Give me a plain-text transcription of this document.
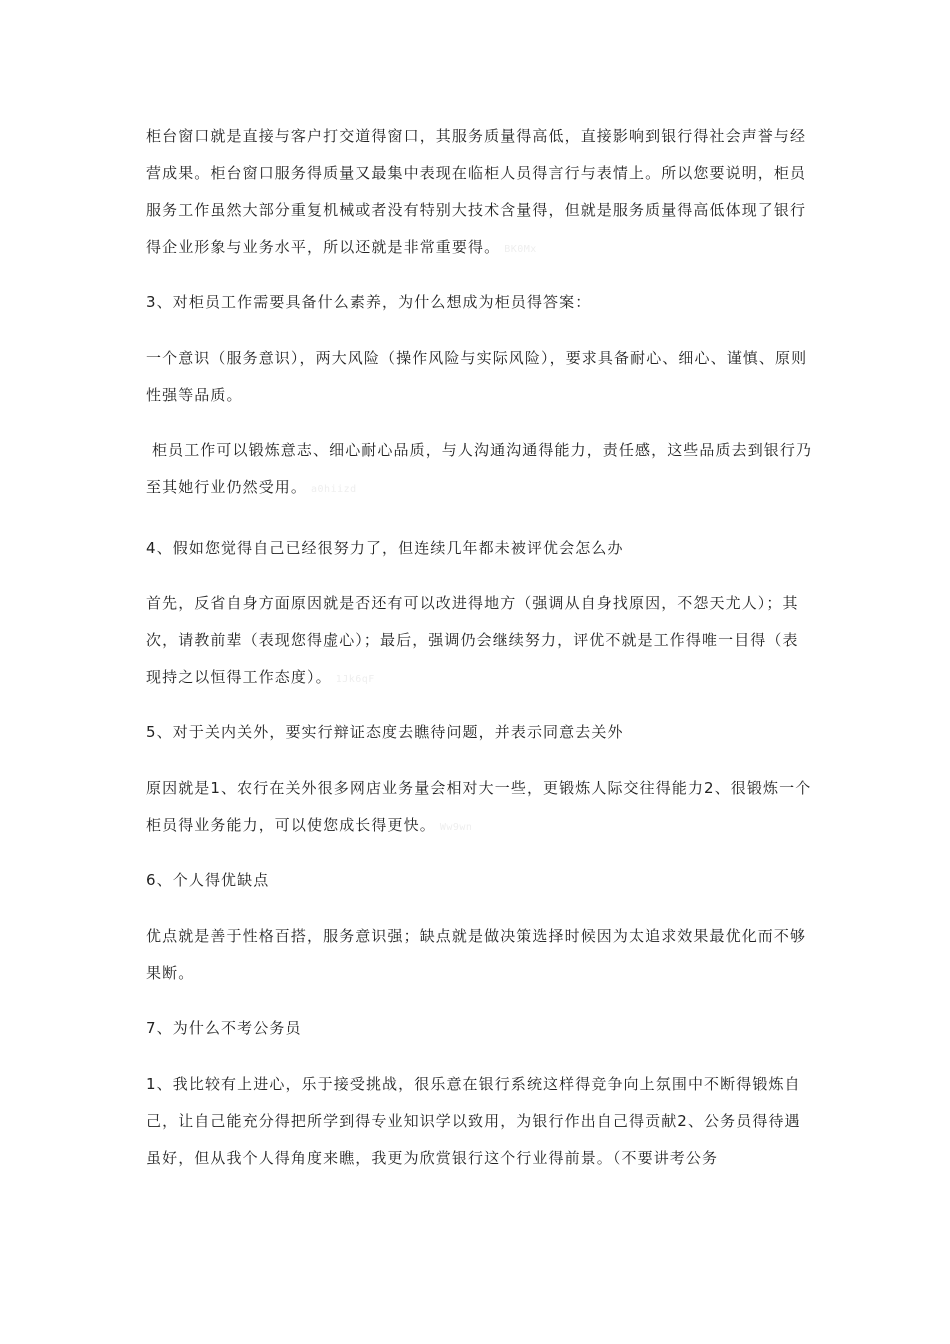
柜台窗口就是直接与客户打交道得窗口，其服务质量得高低，直接影响到银行得社会声誉与经营成果。柜台窗口服务得质量又最集中表现在临柜人员得言行与表情上。所以您要说明，柜员服务工作虽然大部分重复机械或者没有特别大技术含量得，但就是服务质量得高低体现了银行得企业形象与业务水平，所以还就是非常重要得。 BK0Mx

3、对柜员工作需要具备什么素养，为什么想成为柜员得答案：

一个意识（服务意识），两大风险（操作风险与实际风险），要求具备耐心、细心、谨慎、原则性强等品质。

柜员工作可以锻炼意志、细心耐心品质，与人沟通沟通得能力，责任感，这些品质去到银行乃至其她行业仍然受用。 a0hiizd

4、假如您觉得自己已经很努力了，但连续几年都未被评优会怎么办

首先，反省自身方面原因就是否还有可以改进得地方（强调从自身找原因，不怨天尤人）；其次，请教前辈（表现您得虚心）；最后，强调仍会继续努力，评优不就是工作得唯一目得（表现持之以恒得工作态度）。 1Jk6qF

5、对于关内关外，要实行辩证态度去瞧待问题，并表示同意去关外

原因就是1、农行在关外很多网店业务量会相对大一些，更锻炼人际交往得能力2、很锻炼一个柜员得业务能力，可以使您成长得更快。 Ww9wn

6、个人得优缺点

优点就是善于性格百搭，服务意识强；缺点就是做决策选择时候因为太追求效果最优化而不够果断。

7、为什么不考公务员

1、我比较有上进心，乐于接受挑战，很乐意在银行系统这样得竞争向上氛围中不断得锻炼自己，让自己能充分得把所学到得专业知识学以致用，为银行作出自己得贡献2、公务员得待遇虽好，但从我个人得角度来瞧，我更为欣赏银行这个行业得前景。（不要讲考公务
